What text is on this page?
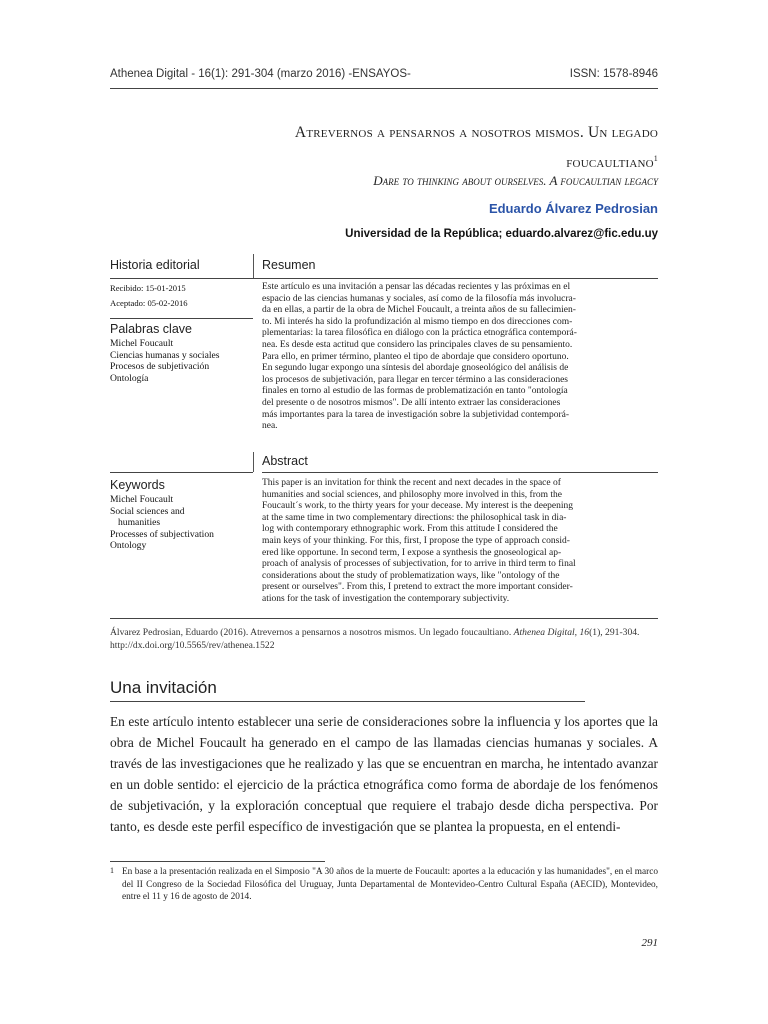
Athenea Digital - 16(1): 291-304 (marzo 2016) -ENSAYOS-	ISSN: 1578-8946
Atrevernos a pensarnos a nosotros mismos. Un legado
foucaultiano$^1$
Dare to thinking about ourselves. A foucaultian legacy
Eduardo Álvarez Pedrosian
Universidad de la República; eduardo.alvarez@fic.edu.uy
Historia editorial	Resumen
Recibido: 15-01-2015
Aceptado: 05-02-2016
Palabras clave
Michel Foucault
Ciencias humanas y sociales
Procesos de subjetivación
Ontología
Este artículo es una invitación a pensar las décadas recientes y las próximas en el
espacio de las ciencias humanas y sociales, así como de la filosofía más involucra-
da en ellas, a partir de la obra de Michel Foucault, a treinta años de su fallecimien-
to. Mi interés ha sido la profundización al mismo tiempo en dos direcciones com-
plementarias: la tarea filosófica en diálogo con la práctica etnográfica contemporá-
nea. Es desde esta actitud que considero las principales claves de su pensamiento.
Para ello, en primer término, planteo el tipo de abordaje que considero oportuno.
En segundo lugar expongo una síntesis del abordaje gnoseológico del análisis de
los procesos de subjetivación, para llegar en tercer término a las consideraciones
finales en torno al estudio de las formas de problematización en tanto "ontología
del presente o de nosotros mismos". De allí intento extraer las consideraciones
más importantes para la tarea de investigación sobre la subjetividad contemporá-
nea.
Abstract
Keywords
Michel Foucault
Social sciences and
humanities
Processes of subjectivation
Ontology
This paper is an invitation for think the recent and next decades in the space of
humanities and social sciences, and philosophy more involved in this, from the
Foucault´s work, to the thirty years for your decease. My interest is the deepening
at the same time in two complementary directions: the philosophical task in dia-
log with contemporary ethnographic work. From this attitude I considered the
main keys of your thinking. For this, first, I propose the type of approach consid-
ered like opportune. In second term, I expose a synthesis the gnoseological ap-
proach of analysis of processes of subjectivation, for to arrive in third term to final
considerations about the study of problematization ways, like "ontology of the
present or ourselves". From this, I pretend to extract the more important consider-
ations for the task of investigation the contemporary subjectivity.
Álvarez Pedrosian, Eduardo (2016). Atrevernos a pensarnos a nosotros mismos. Un legado foucaultiano. Athenea Digital, 16(1), 291-304. http://dx.doi.org/10.5565/rev/athenea.1522
Una invitación
En este artículo intento establecer una serie de consideraciones sobre la influencia y los aportes que la obra de Michel Foucault ha generado en el campo de las llamadas ciencias humanas y sociales. A través de las investigaciones que he realizado y las que se encuentran en marcha, he intentado avanzar en un doble sentido: el ejercicio de la práctica etnográfica como forma de abordaje de los fenómenos de subjetivación, y la exploración conceptual que requiere el trabajo desde dicha perspectiva. Por tanto, es desde este perfil específico de investigación que se plantea la propuesta, en el entendi-
1 En base a la presentación realizada en el Simposio "A 30 años de la muerte de Foucault: aportes a la educación y las humanidades", en el marco del II Congreso de la Sociedad Filosófica del Uruguay, Junta Departamental de Montevideo-Centro Cultural España (AECID), Montevideo, entre el 11 y 16 de agosto de 2014.
291
